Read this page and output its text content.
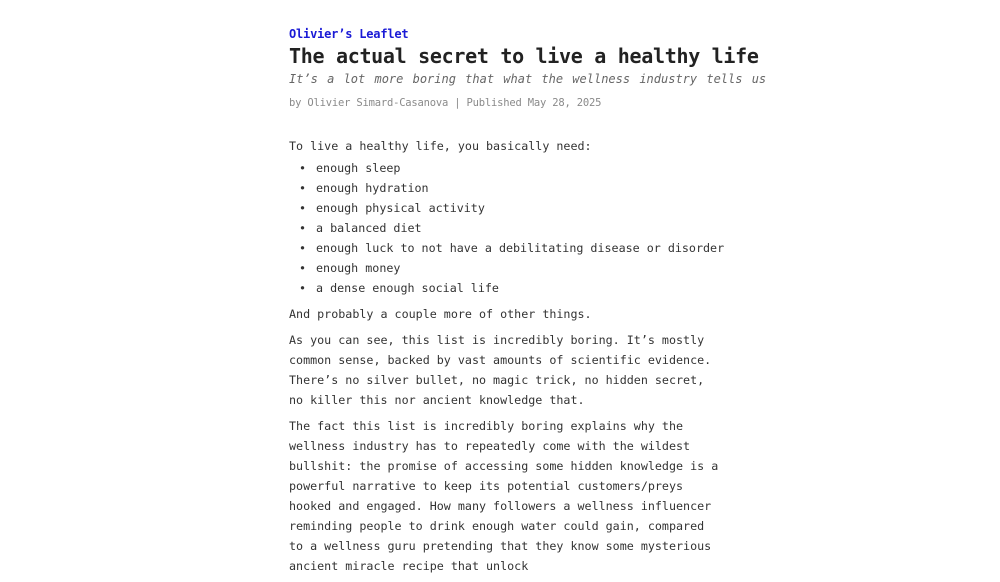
Olivier’s Leaflet
The actual secret to live a healthy life
It’s a lot more boring that what the wellness industry tells us
by Olivier Simard-Casanova | Published May 28, 2025

To live a healthy life, you basically need:

• enough sleep
• enough hydration
• enough physical activity
• a balanced diet
• enough luck to not have a debilitating disease or disorder
• enough money
• a dense enough social life

And probably a couple more of other things.

As you can see, this list is incredibly boring. It’s mostly common sense, backed by vast amounts of scientific evidence. There’s no silver bullet, no magic trick, no hidden secret, no killer this nor ancient knowledge that.

The fact this list is incredibly boring explains why the wellness industry has to repeatedly come with the wildest bullshit: the promise of accessing some hidden knowledge is a powerful narrative to keep its potential customers/preys hooked and engaged. How many followers a wellness influencer reminding people to drink enough water could gain, compared to a wellness guru pretending that they know some mysterious ancient miracle recipe that unlock
